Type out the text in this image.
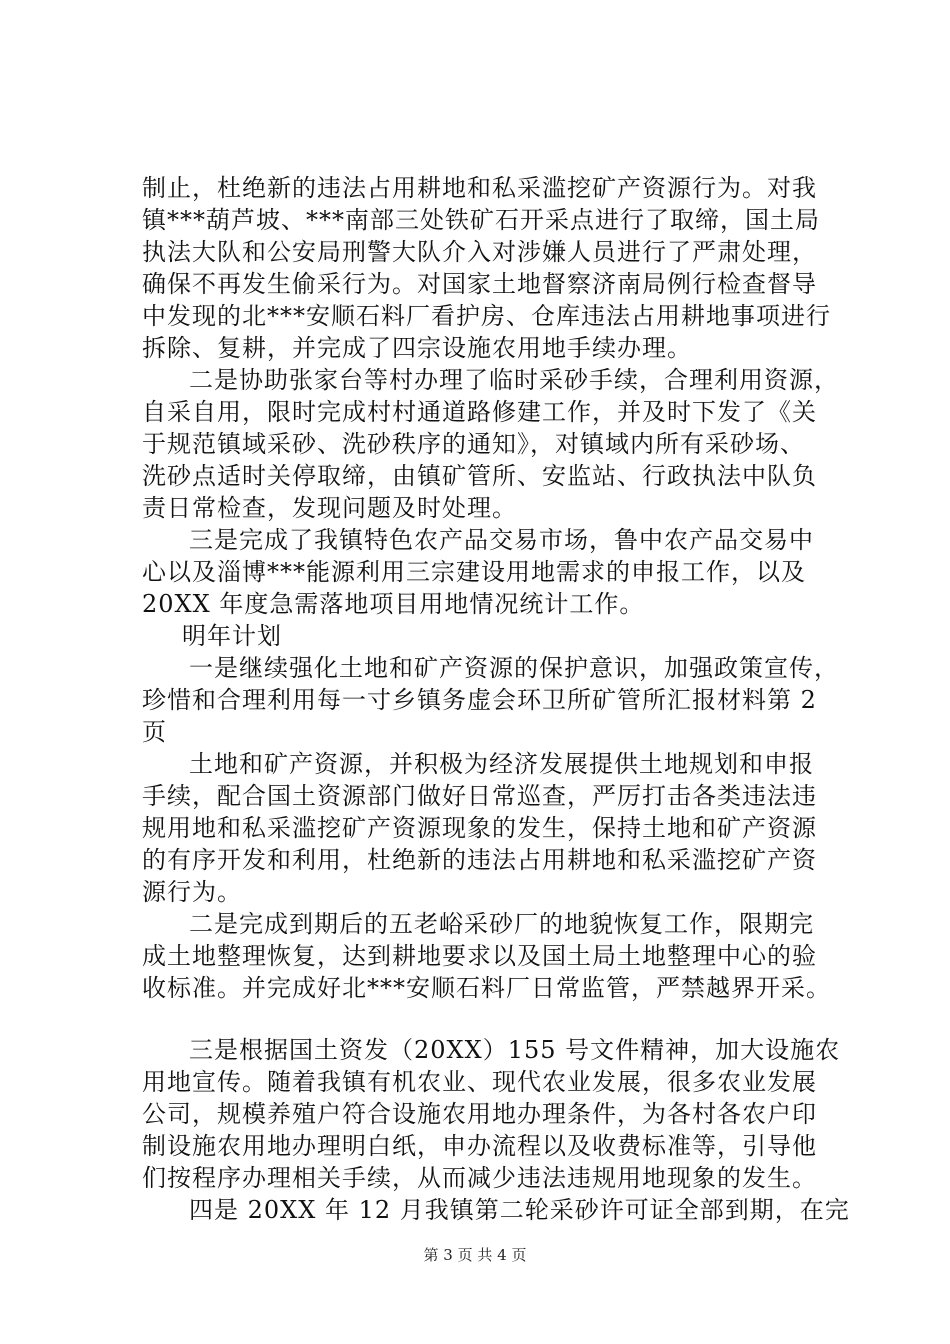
制止，杜绝新的违法占用耕地和私采滥挖矿产资源行为。对我
镇***葫芦坡、***南部三处铁矿石开采点进行了取缔，国土局
执法大队和公安局刑警大队介入对涉嫌人员进行了严肃处理，
确保不再发生偷采行为。对国家土地督察济南局例行检查督导
中发现的北***安顺石料厂看护房、仓库违法占用耕地事项进行
拆除、复耕，并完成了四宗设施农用地手续办理。
二是协助张家台等村办理了临时采砂手续，合理利用资源，
自采自用，限时完成村村通道路修建工作，并及时下发了《关
于规范镇域采砂、洗砂秩序的通知》，对镇域内所有采砂场、
洗砂点适时关停取缔，由镇矿管所、安监站、行政执法中队负
责日常检查，发现问题及时处理。
三是完成了我镇特色农产品交易市场，鲁中农产品交易中
心以及淄博***能源利用三宗建设用地需求的申报工作，以及
20XX 年度急需落地项目用地情况统计工作。
明年计划
一是继续强化土地和矿产资源的保护意识，加强政策宣传，
珍惜和合理利用每一寸乡镇务虚会环卫所矿管所汇报材料第 2
页
土地和矿产资源，并积极为经济发展提供土地规划和申报
手续，配合国土资源部门做好日常巡查，严厉打击各类违法违
规用地和私采滥挖矿产资源现象的发生，保持土地和矿产资源
的有序开发和利用，杜绝新的违法占用耕地和私采滥挖矿产资
源行为。
二是完成到期后的五老峪采砂厂的地貌恢复工作，限期完
成土地整理恢复，达到耕地要求以及国土局土地整理中心的验
收标准。并完成好北***安顺石料厂日常监管，严禁越界开采。
三是根据国土资发（20XX）155 号文件精神，加大设施农
用地宣传。随着我镇有机农业、现代农业发展，很多农业发展
公司，规模养殖户符合设施农用地办理条件，为各村各农户印
制设施农用地办理明白纸，申办流程以及收费标准等，引导他
们按程序办理相关手续，从而减少违法违规用地现象的发生。
四是 20XX 年 12 月我镇第二轮采砂许可证全部到期，在完
第 3 页 共 4 页
